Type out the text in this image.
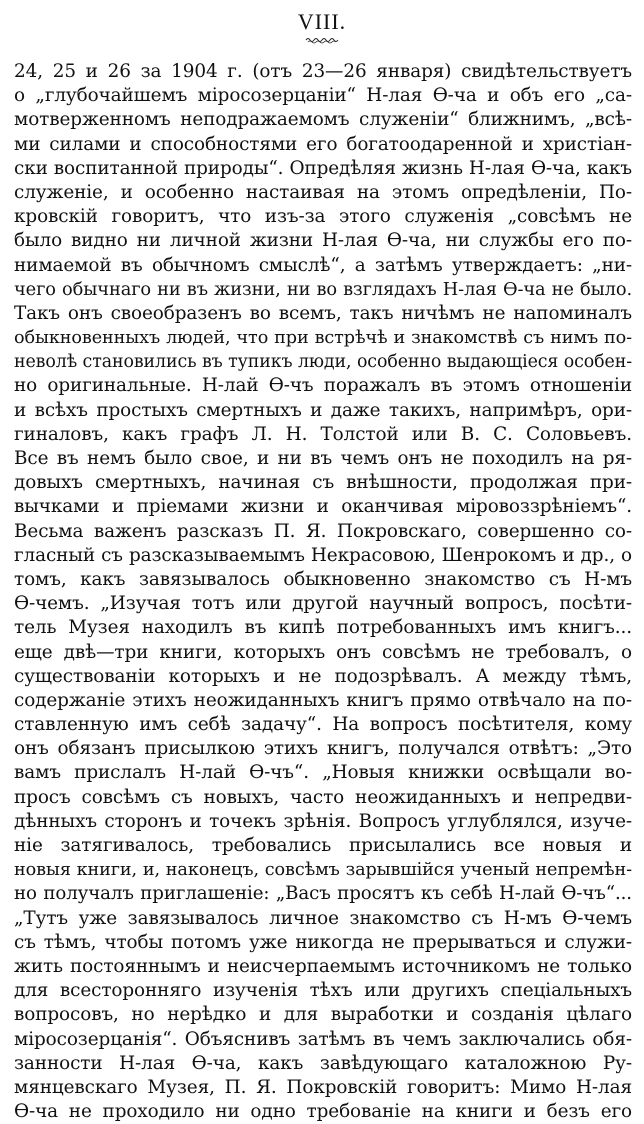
VIII.
24, 25 и 26 за 1904 г. (отъ 23—26 января) свидѣтельствуетъ
о „глубочайшемъ міросозерцаніи“ Н-лая Ѳ-ча и объ его „са-
мотверженномъ неподражаемомъ служеніи“ ближнимъ, „всѣ-
ми силами и способностями его богатоодаренной и христіан-
ски воспитанной природы“. Опредѣляя жизнь Н-лая Ѳ-ча, какъ
служеніе, и особенно настаивая на этомъ опредѣленіи, По-
кровскій говоритъ, что изъ-за этого служенія „совсѣмъ не
было видно ни личной жизни Н-лая Ѳ-ча, ни службы его по-
нимаемой въ обычномъ смыслѣ“, а затѣмъ утверждаетъ: „ни-
чего обычнаго ни въ жизни, ни во взглядахъ Н-лая Ѳ-ча не было.
Такъ онъ своеобразенъ во всемъ, такъ ничѣмъ не напоминалъ
обыкновенныхъ людей, что при встрѣчѣ и знакомствѣ съ нимъ по-
неволѣ становились въ тупикъ люди, особенно выдающіеся особен-
но оригинальные. Н-лай Ѳ-чъ поражалъ въ этомъ отношеніи
и всѣхъ простыхъ смертныхъ и даже такихъ, напримѣръ, ори-
гиналовъ, какъ графъ Л. Н. Толстой или В. С. Соловьевъ.
Все въ немъ было свое, и ни въ чемъ онъ не походилъ на ря-
довыхъ смертныхъ, начиная съ внѣшности, продолжая при-
вычками и пріемами жизни и оканчивая міровоззрѣніемъ“.
Весьма важенъ разсказъ П. Я. Покровскаго, совершенно со-
гласный съ разсказываемымъ Некрасовою, Шенрокомъ и др., о
томъ, какъ завязывалось обыкновенно знакомство съ Н-мъ
Ѳ-чемъ. „Изучая тотъ или другой научный вопросъ, посѣти-
тель Музея находилъ въ кипѣ потребованныхъ имъ книгъ...
еще двѣ—три книги, которыхъ онъ совсѣмъ не требовалъ, о
существованіи которыхъ и не подозрѣвалъ. А между тѣмъ,
содержаніе этихъ неожиданныхъ книгъ прямо отвѣчало на по-
ставленную имъ себѣ задачу“. На вопросъ посѣтителя, кому
онъ обязанъ присылкою этихъ книгъ, получался отвѣтъ: „Это
вамъ прислалъ Н-лай Ѳ-чъ“. „Новыя книжки освѣщали во-
просъ совсѣмъ съ новыхъ, часто неожиданныхъ и непредви-
дѣнныхъ сторонъ и точекъ зрѣнія. Вопросъ углублялся, изуче-
ніе затягивалось, требовались присылались все новыя и
новыя книги, и, наконецъ, совсѣмъ зарывшійся ученый непремѣн-
но получалъ приглашеніе: „Васъ просятъ къ себѣ Н-лай Ѳ-чъ“...
„Тутъ уже завязывалось личное знакомство съ Н-мъ Ѳ-чемъ
съ тѣмъ, чтобы потомъ уже никогда не прерываться и служи-
жить постояннымъ и неисчерпаемымъ источникомъ не только
для всесторонняго изученія тѣхъ или другихъ спеціальныхъ
вопросовъ, но нерѣдко и для выработки и созданія цѣлаго
міросозерцанія“. Объяснивъ затѣмъ въ чемъ заключались обя-
занности Н-лая Ѳ-ча, какъ завѣдующаго каталожною Ру-
мянцевскаго Музея, П. Я. Покровскій говоритъ: Мимо Н-лая
Ѳ-ча не проходило ни одно требованіе на книги и безъ его
